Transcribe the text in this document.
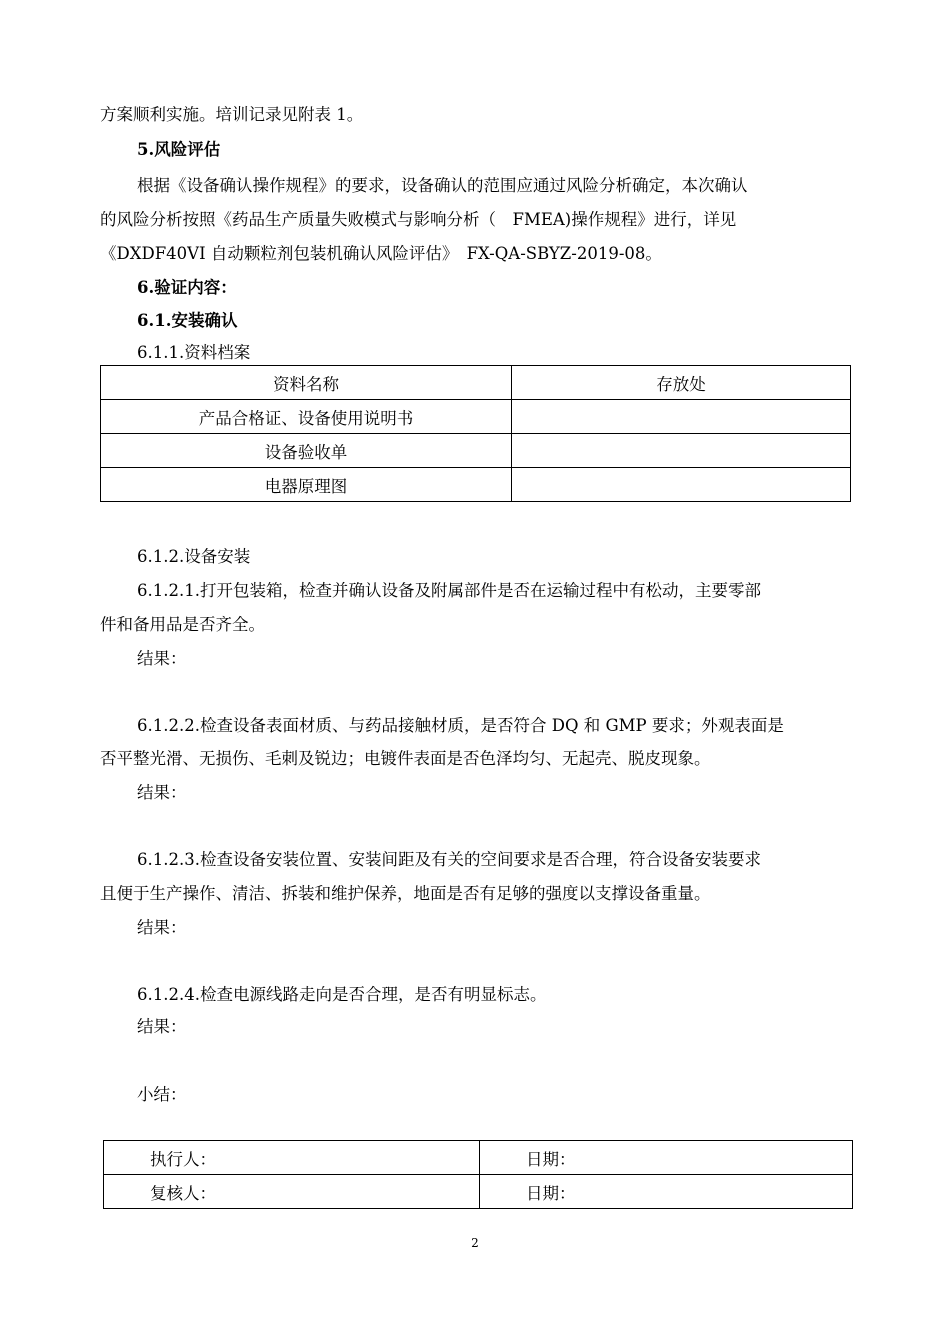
方案顺利实施。培训记录见附表 1。
5.风险评估
根据《设备确认操作规程》的要求，设备确认的范围应通过风险分析确定，本次确认
的风险分析按照《药品生产质量失败模式与影响分析（　FMEA)操作规程》进行，详见
《DXDF40VI 自动颗粒剂包装机确认风险评估》　FX-QA-SBYZ-2019-08。
6.验证内容：
6.1.安装确认
6.1.1.资料档案
资料名称	存放处
产品合格证、设备使用说明书	
设备验收单	
电器原理图	
6.1.2.设备安装
6.1.2.1.打开包装箱，检查并确认设备及附属部件是否在运输过程中有松动，主要零部
件和备用品是否齐全。
结果：
6.1.2.2.检查设备表面材质、与药品接触材质，是否符合 DQ 和 GMP 要求；外观表面是
否平整光滑、无损伤、毛刺及锐边；电镀件表面是否色泽均匀、无起壳、脱皮现象。
结果：
6.1.2.3.检查设备安装位置、安装间距及有关的空间要求是否合理，符合设备安装要求
且便于生产操作、清洁、拆装和维护保养，地面是否有足够的强度以支撑设备重量。
结果：
6.1.2.4.检查电源线路走向是否合理，是否有明显标志。
结果：
小结：
执行人：	日期：
复核人：	日期：
2
